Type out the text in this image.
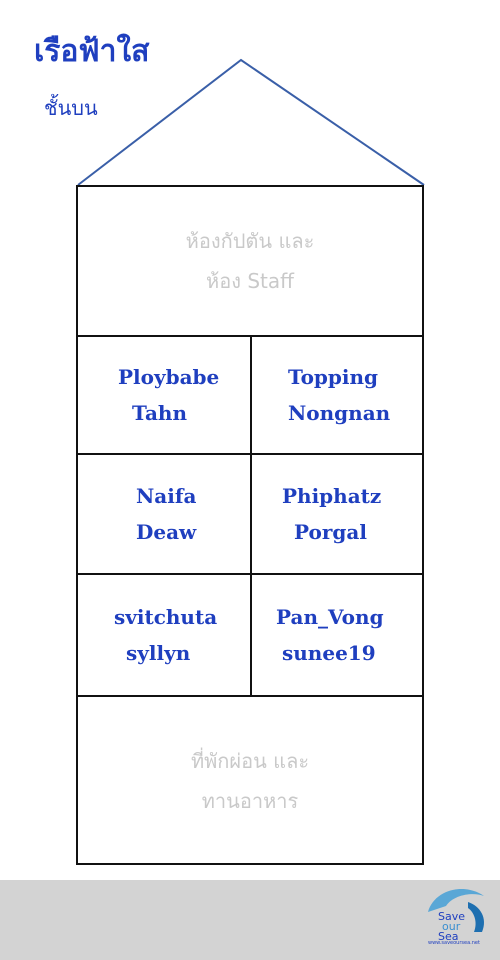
เรือฟ้าใส
ชั้นบน
ห้องกัปตัน และ
ห้อง Staff
Ploybabe
Tahn
Topping
Nongnan
Naifa
Deaw
Phiphatz
Porgal
svitchuta
syllyn
Pan_Vong
sunee19
ที่พักผ่อน และ
ทานอาหาร
Save
our
Sea
www.saveoursea.net
